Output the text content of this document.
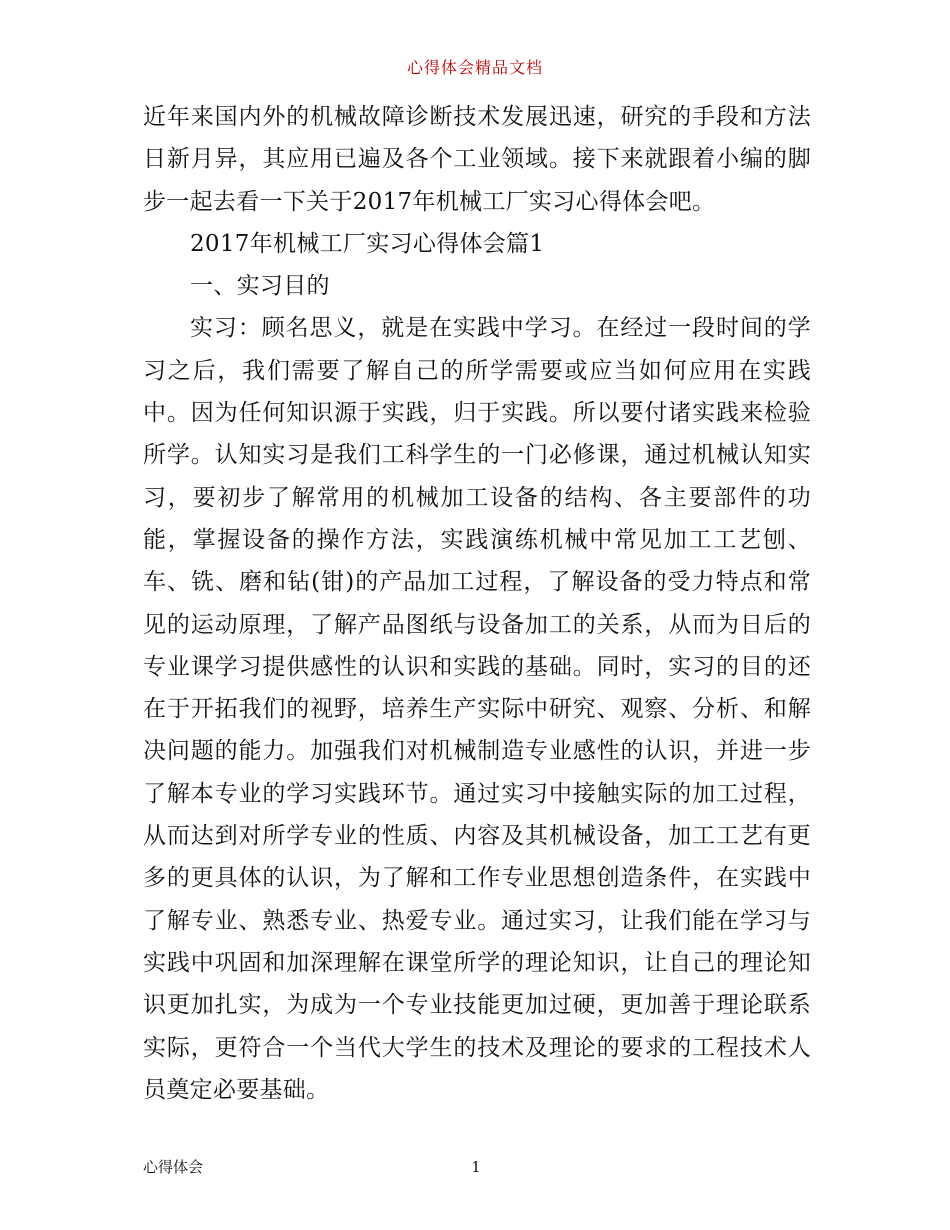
心得体会精品文档

近年来国内外的机械故障诊断技术发展迅速，研究的手段和方法日新月异，其应用已遍及各个工业领域。接下来就跟着小编的脚步一起去看一下关于2017年机械工厂实习心得体会吧。

2017年机械工厂实习心得体会篇1

一、实习目的

实习：顾名思义，就是在实践中学习。在经过一段时间的学习之后，我们需要了解自己的所学需要或应当如何应用在实践中。因为任何知识源于实践，归于实践。所以要付诸实践来检验所学。认知实习是我们工科学生的一门必修课，通过机械认知实习，要初步了解常用的机械加工设备的结构、各主要部件的功能，掌握设备的操作方法，实践演练机械中常见加工工艺刨、车、铣、磨和钻(钳)的产品加工过程，了解设备的受力特点和常见的运动原理，了解产品图纸与设备加工的关系，从而为日后的专业课学习提供感性的认识和实践的基础。同时，实习的目的还在于开拓我们的视野，培养生产实际中研究、观察、分析、和解决问题的能力。加强我们对机械制造专业感性的认识，并进一步了解本专业的学习实践环节。通过实习中接触实际的加工过程，从而达到对所学专业的性质、内容及其机械设备，加工工艺有更多的更具体的认识，为了解和工作专业思想创造条件，在实践中了解专业、熟悉专业、热爱专业。通过实习，让我们能在学习与实践中巩固和加深理解在课堂所学的理论知识，让自己的理论知识更加扎实，为成为一个专业技能更加过硬，更加善于理论联系实际，更符合一个当代大学生的技术及理论的要求的工程技术人员奠定必要基础。

心得体会	1
